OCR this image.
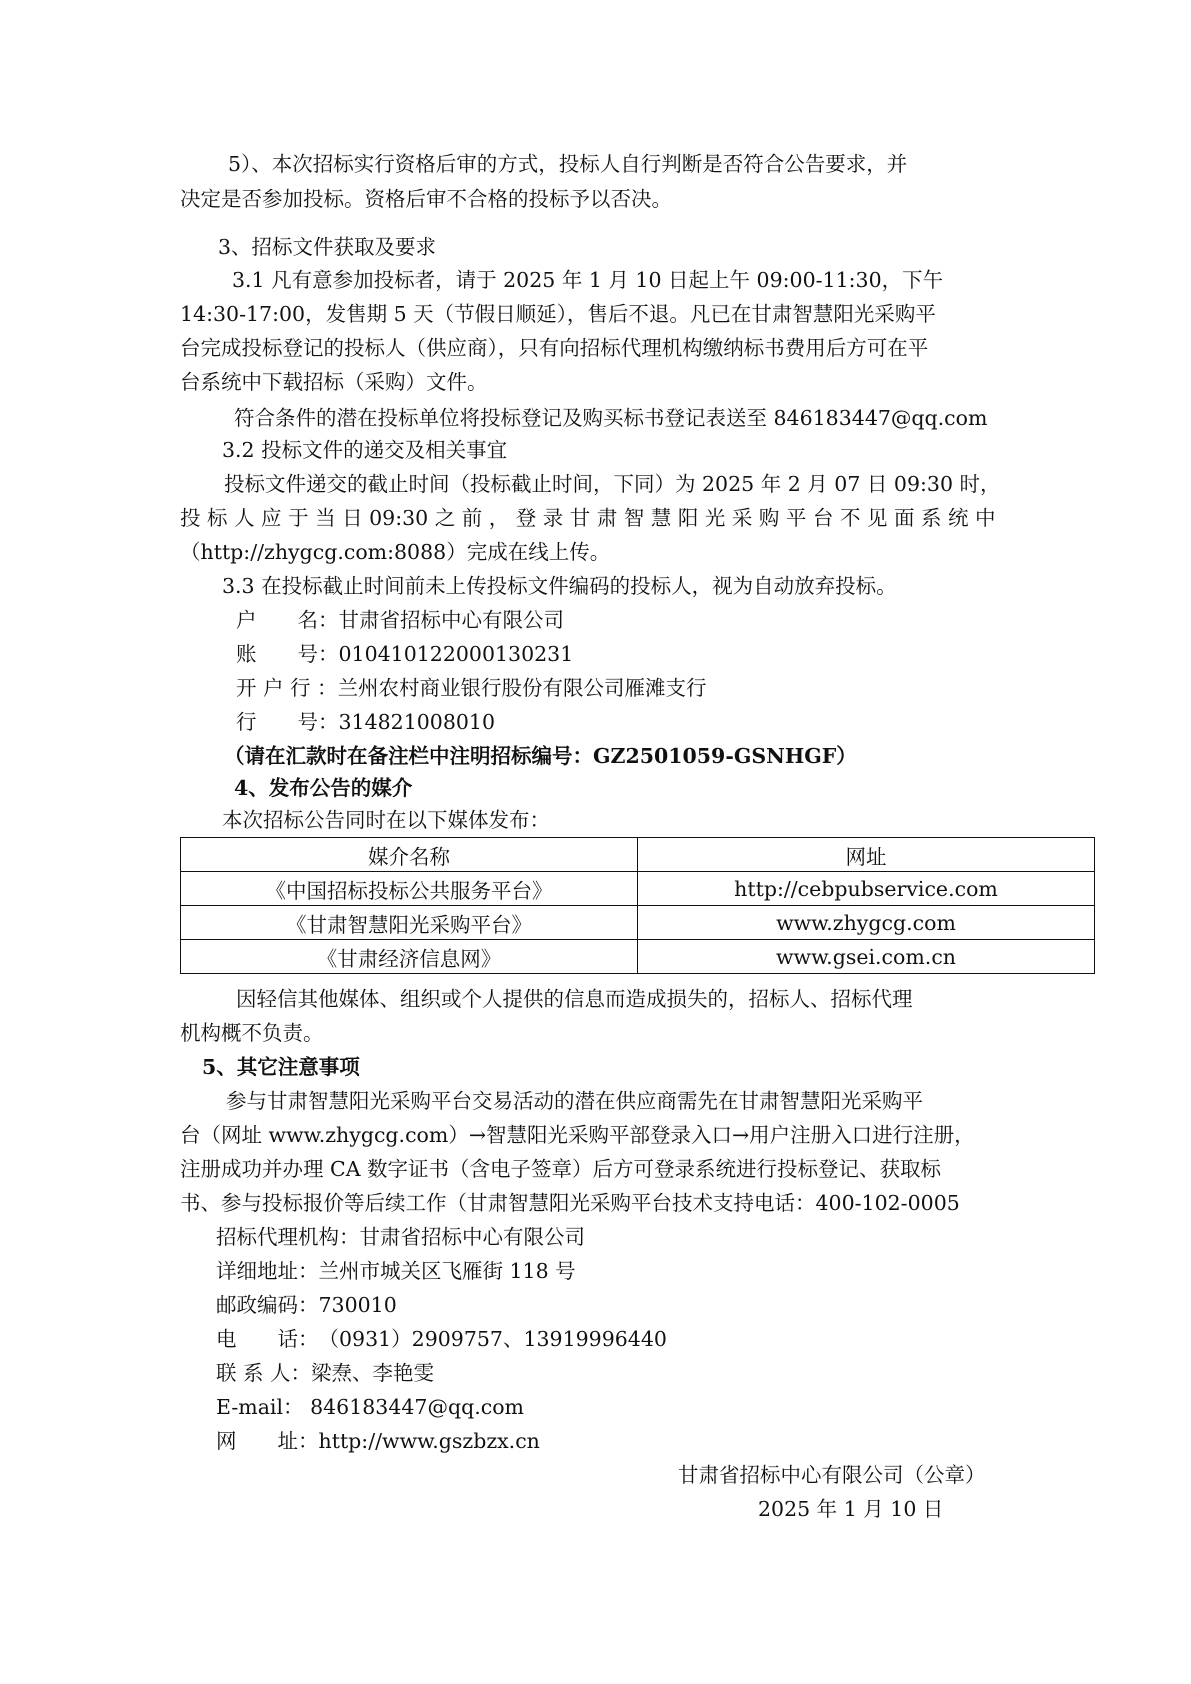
5）、本次招标实行资格后审的方式，投标人自行判断是否符合公告要求，并

决定是否参加投标。资格后审不合格的投标予以否决。

3、招标文件获取及要求

3.1 凡有意参加投标者，请于 2025 年 1 月 10 日起上午 09:00-11:30，下午

14:30-17:00，发售期 5 天（节假日顺延），售后不退。凡已在甘肃智慧阳光采购平

台完成投标登记的投标人（供应商），只有向招标代理机构缴纳标书费用后方可在平

台系统中下载招标（采购）文件。

符合条件的潜在投标单位将投标登记及购买标书登记表送至 846183447@qq.com

3.2 投标文件的递交及相关事宜

投标文件递交的截止时间（投标截止时间，下同）为 2025 年 2 月 07 日 09:30 时，

投 标 人 应 于 当 日 09:30 之 前 ， 登 录 甘 肃 智 慧 阳 光 采 购 平 台 不 见 面 系 统 中

（http://zhygcg.com:8088）完成在线上传。

3.3 在投标截止时间前未上传投标文件编码的投标人，视为自动放弃投标。

户　　名：甘肃省招标中心有限公司

账　　号：010410122000130231

开 户 行 ：兰州农村商业银行股份有限公司雁滩支行

行　　号：314821008010

（请在汇款时在备注栏中注明招标编号：GZ2501059-GSNHGF）

4、发布公告的媒介

本次招标公告同时在以下媒体发布：

媒介名称	网址
《中国招标投标公共服务平台》	http://cebpubservice.com
《甘肃智慧阳光采购平台》	www.zhygcg.com
《甘肃经济信息网》	www.gsei.com.cn

因轻信其他媒体、组织或个人提供的信息而造成损失的，招标人、招标代理

机构概不负责。

5、其它注意事项

参与甘肃智慧阳光采购平台交易活动的潜在供应商需先在甘肃智慧阳光采购平

台（网址 www.zhygcg.com）→智慧阳光采购平部登录入口→用户注册入口进行注册，

注册成功并办理 CA 数字证书（含电子签章）后方可登录系统进行投标登记、获取标

书、参与投标报价等后续工作（甘肃智慧阳光采购平台技术支持电话：400-102-0005

招标代理机构：甘肃省招标中心有限公司

详细地址：兰州市城关区飞雁街 118 号

邮政编码：730010

电　　话：（0931）2909757、13919996440

联 系 人：梁焘、李艳雯

E-mail： 846183447@qq.com

网　　址：http://www.gszbzx.cn

甘肃省招标中心有限公司（公章）

2025 年 1 月 10 日
